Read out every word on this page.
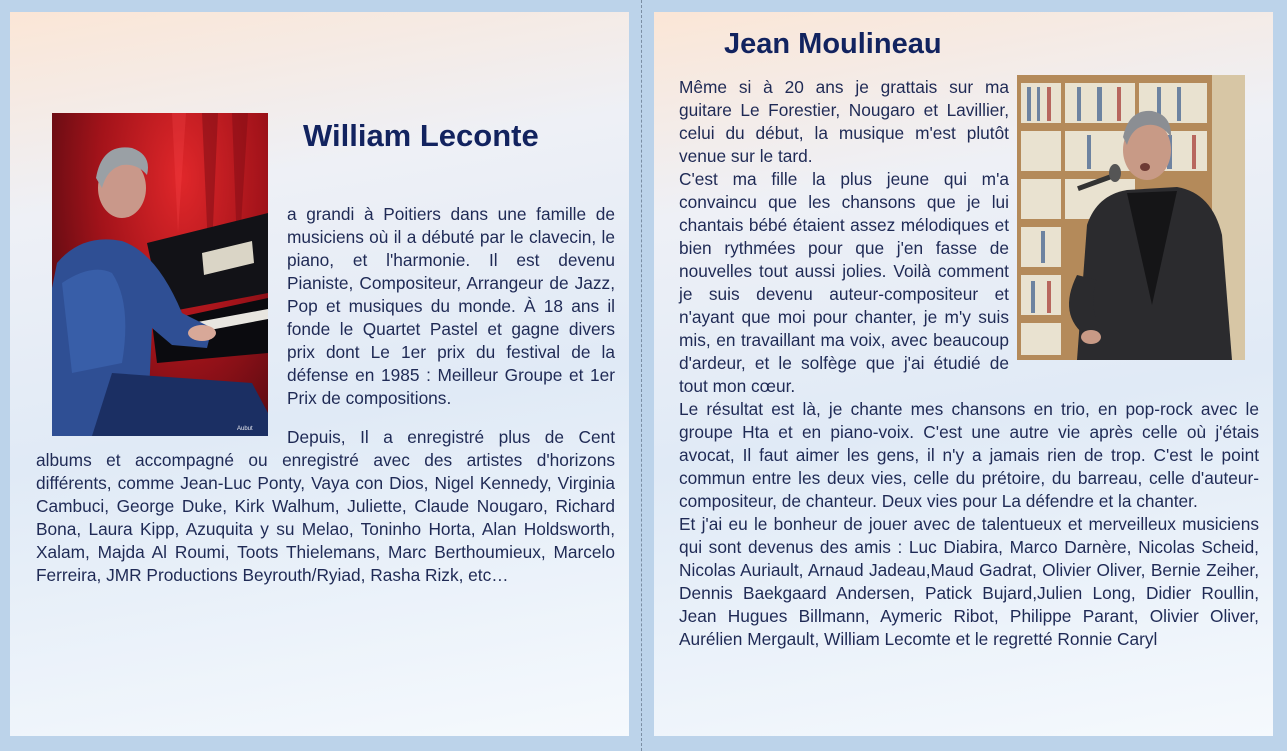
Aubut
William Leconte

a grandi à Poitiers dans une famille de musiciens où il a débuté par le clavecin, le piano, et l'harmonie. Il est devenu Pianiste, Compositeur, Arrangeur de Jazz, Pop et musiques du monde. À 18 ans il fonde le Quartet Pastel et gagne divers prix dont Le 1er prix du festival de la défense en 1985 : Meilleur Groupe et 1er Prix de compositions.

Depuis, Il a enregistré plus de Cent albums et accompagné ou enregistré avec des artistes d'horizons différents, comme Jean-Luc Ponty, Vaya con Dios, Nigel Kennedy, Virginia Cambuci, George Duke, Kirk Walhum, Juliette, Claude Nougaro, Richard Bona, Laura Kipp, Azuquita y su Melao, Toninho Horta, Alan Holdsworth, Xalam, Majda Al Roumi, Toots Thielemans, Marc Berthoumieux, Marcelo Ferreira, JMR Productions Beyrouth/Ryiad, Rasha Rizk, etc…

Jean Moulineau

Même si à 20 ans je grattais sur ma guitare Le Forestier, Nougaro et Lavillier, celui du début, la musique m'est plutôt venue sur le tard.

C'est ma fille la plus jeune qui m'a convaincu que les chansons que je lui chantais bébé étaient assez mélodiques et bien rythmées pour que j'en fasse de nouvelles tout aussi jolies. Voilà comment je suis devenu auteur-compositeur et n'ayant que moi pour chanter, je m'y suis mis, en travaillant ma voix, avec beaucoup d'ardeur, et le solfège que j'ai étudié de tout mon cœur.

Le résultat est là, je chante mes chansons en trio, en pop-rock avec le groupe Hta et en piano-voix. C'est une autre vie après celle où j'étais avocat, Il faut aimer les gens, il n'y a jamais rien de trop. C'est le point commun entre les deux vies, celle du prétoire, du barreau, celle d'auteur-compositeur, de chanteur. Deux vies pour La défendre et la chanter.

Et j'ai eu le bonheur de jouer avec de talentueux et merveilleux musiciens qui sont devenus des amis : Luc Diabira, Marco Darnère, Nicolas Scheid, Nicolas Auriault, Arnaud Jadeau,Maud Gadrat, Olivier Oliver, Bernie Zeiher, Dennis Baekgaard Andersen, Patick Bujard,Julien Long, Didier Roullin, Jean Hugues Billmann, Aymeric Ribot, Philippe Parant, Olivier Oliver, Aurélien Mergault, William Lecomte et le regretté Ronnie Caryl
